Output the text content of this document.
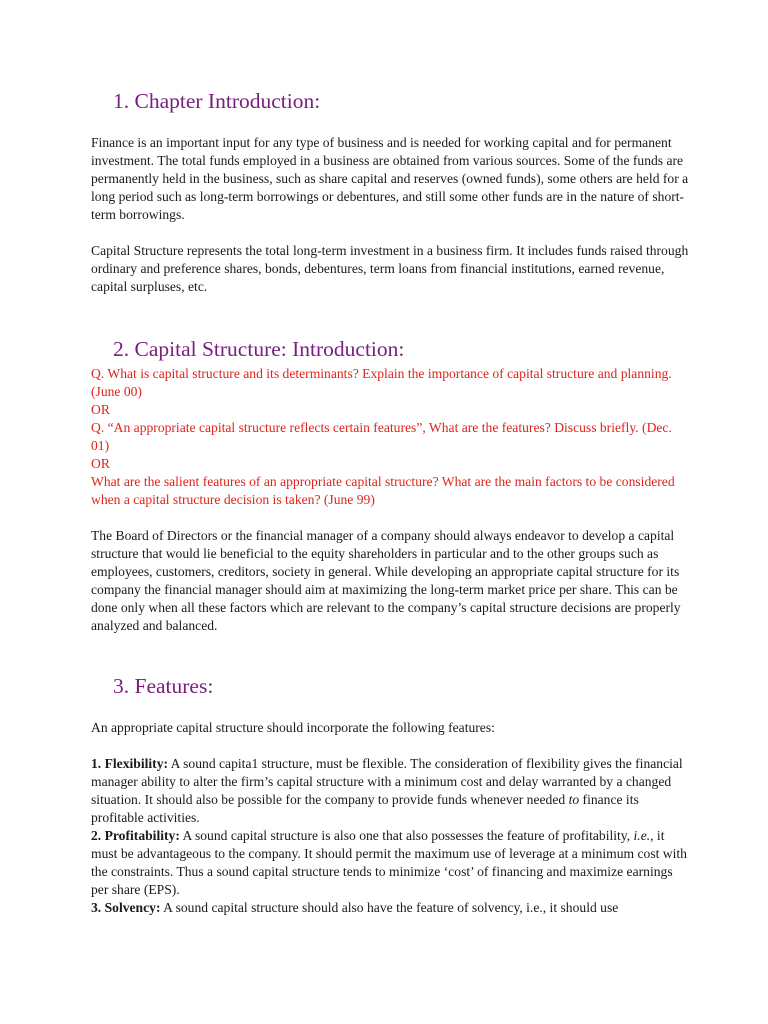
1. Chapter Introduction:

Finance is an important input for any type of business and is needed for working capital and for permanent investment. The total funds employed in a business are obtained from various sources. Some of the funds are permanently held in the business, such as share capital and reserves (owned funds), some others are held for a long period such as long-term borrowings or debentures, and still some other funds are in the nature of short-term borrowings.

Capital Structure represents the total long-term investment in a business firm. It includes funds raised through ordinary and preference shares, bonds, debentures, term loans from financial institutions, earned revenue, capital surpluses, etc.

2. Capital Structure: Introduction:

Q. What is capital structure and its determinants? Explain the importance of capital structure and planning. (June 00)

OR

Q. “An appropriate capital structure reflects certain features”, What are the features? Discuss briefly. (Dec. 01)

OR

What are the salient features of an appropriate capital structure? What are the main factors to be considered when a capital structure decision is taken? (June 99)

The Board of Directors or the financial manager of a company should always endeavor to develop a capital structure that would lie beneficial to the equity shareholders in particular and to the other groups such as employees, customers, creditors, society in general. While developing an appropriate capital structure for its company the financial manager should aim at maximizing the long-term market price per share. This can be done only when all these factors which are relevant to the company’s capital structure decisions are properly analyzed and balanced.

3. Features:

An appropriate capital structure should incorporate the following features:

1. Flexibility: A sound capita1 structure, must be flexible. The consideration of flexibility gives the financial manager ability to alter the firm’s capital structure with a minimum cost and delay warranted by a changed situation. It should also be possible for the company to provide funds whenever needed to finance its profitable activities.

2. Profitability: A sound capital structure is also one that also possesses the feature of profitability, i.e., it must be advantageous to the company. It should permit the maximum use of leverage at a minimum cost with the constraints. Thus a sound capital structure tends to minimize ‘cost’ of financing and maximize earnings per share (EPS).

3. Solvency: A sound capital structure should also have the feature of solvency, i.e., it should use
